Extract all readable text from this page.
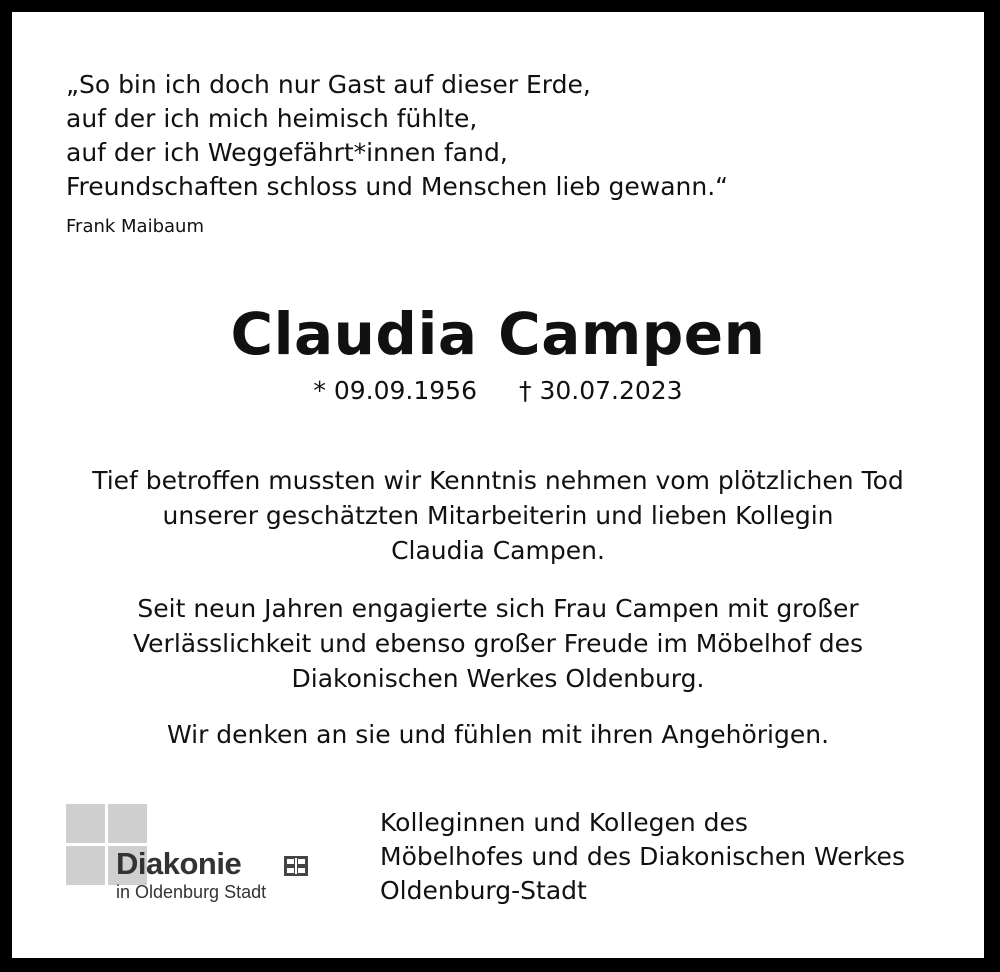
„So bin ich doch nur Gast auf dieser Erde,
auf der ich mich heimisch fühlte,
auf der ich Weggefährt*innen fand,
Freundschaften schloss und Menschen lieb gewann.“
Frank Maibaum
Claudia Campen
* 09.09.1956 † 30.07.2023
Tief betroffen mussten wir Kenntnis nehmen vom plötzlichen Tod
unserer geschätzten Mitarbeiterin und lieben Kollegin
Claudia Campen.
Seit neun Jahren engagierte sich Frau Campen mit großer
Verlässlichkeit und ebenso großer Freude im Möbelhof des
Diakonischen Werkes Oldenburg.
Wir denken an sie und fühlen mit ihren Angehörigen.
Diakonie
in Oldenburg Stadt
Kolleginnen und Kollegen des
Möbelhofes und des Diakonischen Werkes
Oldenburg-Stadt
